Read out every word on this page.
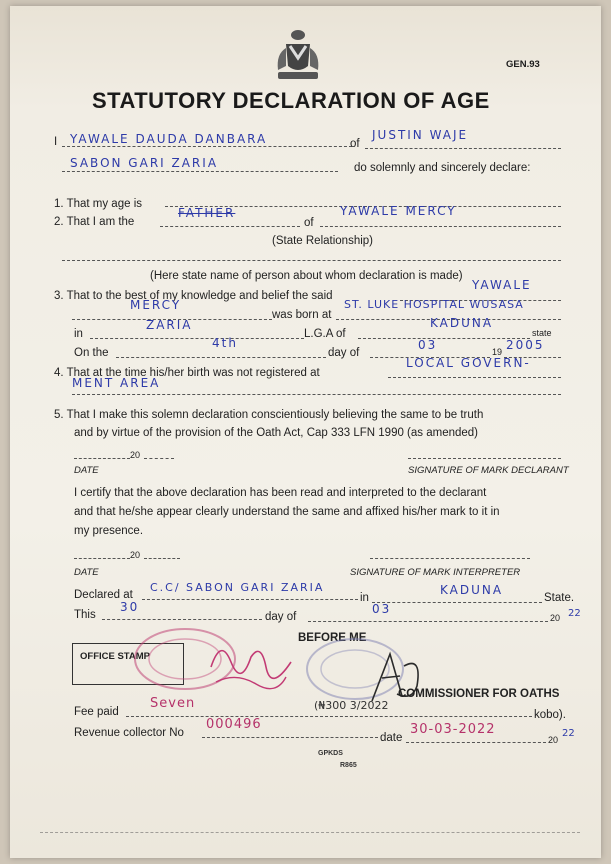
GEN.93
STATUTORY DECLARATION OF AGE
I YAWALE DAUDA DANBARA	of
JUSTIN WAJE
SABON GARI ZARIA	do solemnly and sincerely declare:
1. That my age is
2. That I am the
FATHER
of
YAWALE MERCY
(State Relationship)
(Here state name of person about whom declaration is made)
3. That to the best of my knowledge and belief the said
YAWALE
MERCY
was born at
ST. LUKE HOSPITAL WUSASA
in
ZARIA
L.G.A of
KADUNA
state
On the
4th
day of
03	19 2005
4. That at the time his/her birth was not registered at
LOCAL GOVERN-
MENT AREA
5. That I make this solemn declaration conscientiously believing the same to be truth
and by virtue of the provision of the Oath Act, Cap 333 LFN 1990 (as amended)
20
DATE	SIGNATURE OF MARK DECLARANT
I certify that the above declaration has been read and interpreted to the declarant
and that he/she appear clearly understand the same and affixed his/her mark to it in
my presence.
20
DATE	SIGNATURE OF MARK INTERPRETER
Declared at
C.C/ SABON GARI ZARIA
in
KADUNA
State.
This
30
day of
03
20 22
BEFORE ME
OFFICE STAMP
COMMISSIONER FOR OATHS
Fee paid
Seven	(₦300 3/2022
kobo).
Revenue collector No
000496
date
30-03-2022
20
22
GPKDS
R865
